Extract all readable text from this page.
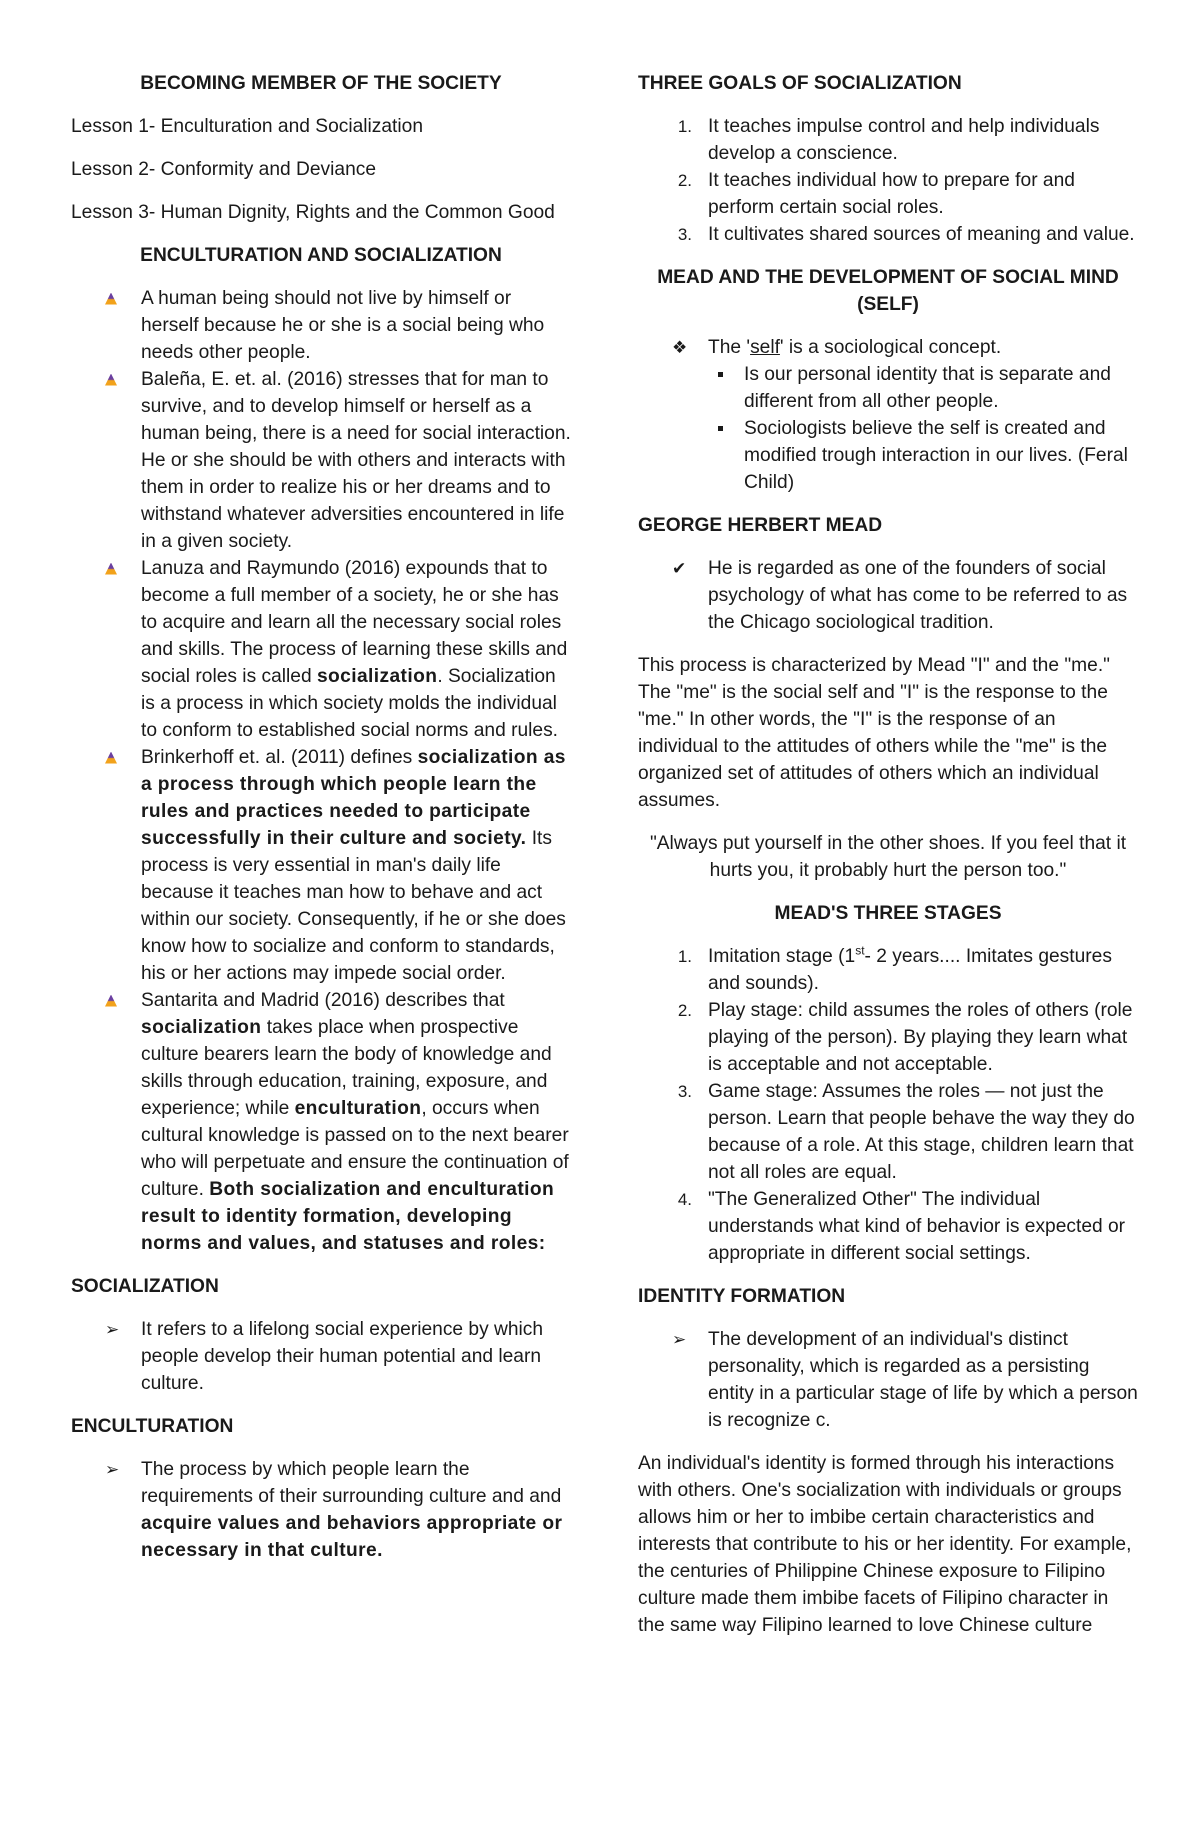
BECOMING MEMBER OF THE SOCIETY

Lesson 1- Enculturation and Socialization

Lesson 2- Conformity and Deviance

Lesson 3- Human Dignity, Rights and the Common Good

ENCULTURATION AND SOCIALIZATION

A human being should not live by himself or herself because he or she is a social being who needs other people.
Baleña, E. et. al. (2016) stresses that for man to survive, and to develop himself or herself as a human being, there is a need for social interaction. He or she should be with others and interacts with them in order to realize his or her dreams and to withstand whatever adversities encountered in life in a given society.
Lanuza and Raymundo (2016) expounds that to become a full member of a society, he or she has to acquire and learn all the necessary social roles and skills. The process of learning these skills and social roles is called socialization. Socialization is a process in which society molds the individual to conform to established social norms and rules.
Brinkerhoff et. al. (2011) defines socialization as a process through which people learn the rules and practices needed to participate successfully in their culture and society. Its process is very essential in man's daily life because it teaches man how to behave and act within our society. Consequently, if he or she does know how to socialize and conform to standards, his or her actions may impede social order.
Santarita and Madrid (2016) describes that socialization takes place when prospective culture bearers learn the body of knowledge and skills through education, training, exposure, and experience; while enculturation, occurs when cultural knowledge is passed on to the next bearer who will perpetuate and ensure the continuation of culture. Both socialization and enculturation result to identity formation, developing norms and values, and statuses and roles:

SOCIALIZATION

➢	It refers to a lifelong social experience by which people develop their human potential and learn culture.

ENCULTURATION

➢	The process by which people learn the requirements of their surrounding culture and and acquire values and behaviors appropriate or necessary in that culture.

THREE GOALS OF SOCIALIZATION

1. It teaches impulse control and help individuals develop a conscience.
2. It teaches individual how to prepare for and perform certain social roles.
3. It cultivates shared sources of meaning and value.

MEAD AND THE DEVELOPMENT OF SOCIAL MIND (SELF)

❖	The 'self' is a sociological concept.
Is our personal identity that is separate and different from all other people.
Sociologists believe the self is created and modified trough interaction in our lives. (Feral Child)

GEORGE HERBERT MEAD

✔	He is regarded as one of the founders of social psychology of what has come to be referred to as the Chicago sociological tradition.

This process is characterized by Mead "I" and the "me." The "me" is the social self and "I" is the response to the "me." In other words, the "I" is the response of an individual to the attitudes of others while the "me" is the organized set of attitudes of others which an individual assumes.

"Always put yourself in the other shoes. If you feel that it hurts you, it probably hurt the person too."

MEAD'S THREE STAGES

1. Imitation stage (1st- 2 years.... Imitates gestures and sounds).
2. Play stage: child assumes the roles of others (role playing of the person). By playing they learn what is acceptable and not acceptable.
3. Game stage: Assumes the roles — not just the person. Learn that people behave the way they do because of a role. At this stage, children learn that not all roles are equal.
4. "The Generalized Other" The individual understands what kind of behavior is expected or appropriate in different social settings.

IDENTITY FORMATION

➢	The development of an individual's distinct personality, which is regarded as a persisting entity in a particular stage of life by which a person is recognize c.

An individual's identity is formed through his interactions with others. One's socialization with individuals or groups allows him or her to imbibe certain characteristics and interests that contribute to his or her identity. For example, the centuries of Philippine Chinese exposure to Filipino culture made them imbibe facets of Filipino character in the same way Filipino learned to love Chinese culture
